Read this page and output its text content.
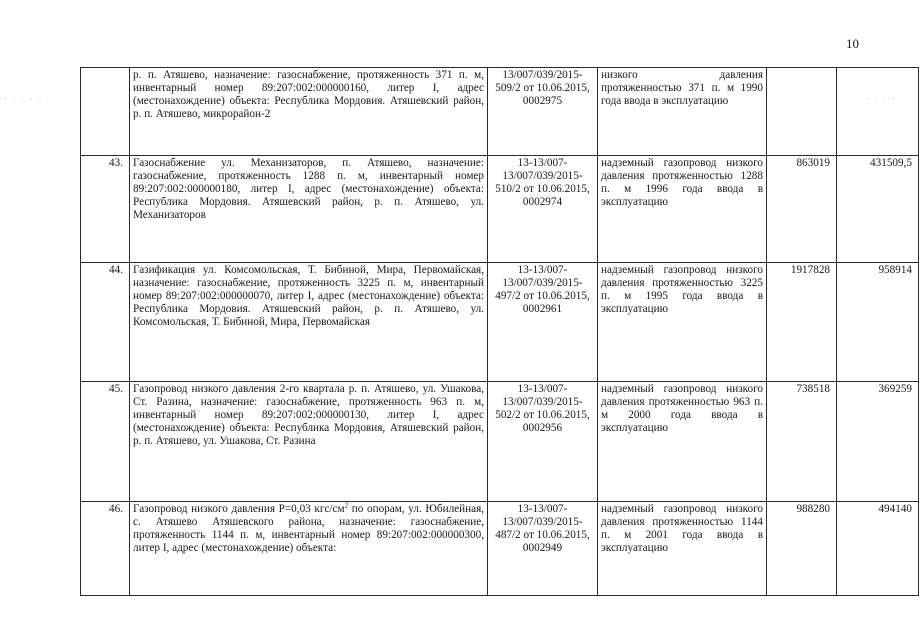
10
· · · · ·	· · · ·
	р. п. Атяшево, назначение: газоснабжение, протяженность 371 п. м, инвентарный номер 89:207:002:000000160, литер I, адрес (местонахождение) объекта: Республика Мордовия. Атяшевский район, р. п. Атяшево, микрорайон-2	13/007/039/2015-509/2 от 10.06.2015, 0002975	низкого давления протяженностью 371 п. м 1990 года ввода в эксплуатацию		
43.	Газоснабжение ул. Механизаторов, п. Атяшево, назначение: газоснабжение, протяженность 1288 п. м, инвентарный номер 89:207:002:000000180, литер I, адрес (местонахождение) объекта: Республика Мордовия. Атяшевский район, р. п. Атяшево, ул. Механизаторов	13-13/007-13/007/039/2015-510/2 от 10.06.2015, 0002974	надземный газопровод низкого давления протяженностью 1288 п. м 1996 года ввода в эксплуатацию	863019	431509,5
44.	Газификация ул. Комсомольская, Т. Бибиной, Мира, Первомайская, назначение: газоснабжение, протяженность 3225 п. м, инвентарный номер 89:207:002:000000070, литер I, адрес (местонахождение) объекта: Республика Мордовия. Атяшевский район, р. п. Атяшево, ул. Комсомольская, Т. Бибиной, Мира, Первомайская	13-13/007-13/007/039/2015-497/2 от 10.06.2015, 0002961	надземный газопровод низкого давления протяженностью 3225 п. м 1995 года ввода в эксплуатацию	1917828	958914
45.	Газопровод низкого давления 2-го квартала р. п. Атяшево, ул. Ушакова, Ст. Разина, назначение: газоснабжение, протяженность 963 п. м, инвентарный номер 89:207:002:000000130, литер I, адрес (местонахождение) объекта: Республика Мордовия, Атяшевский район, р. п. Атяшево, ул. Ушакова, Ст. Разина	13-13/007-13/007/039/2015-502/2 от 10.06.2015, 0002956	надземный газопровод низкого давления протяженностью 963 п. м 2000 года ввода в эксплуатацию	738518	369259
46.	Газопровод низкого давления Р=0,03 кгс/$см^2$ по опорам, ул. Юбилейная, с. Атяшево Атяшевского района, назначение: газоснабжение, протяженность 1144 п. м, инвентарный номер 89:207:002:000000300, литер I, адрес (местонахождение) объекта:	13-13/007-13/007/039/2015-487/2 от 10.06.2015, 0002949	надземный газопровод низкого давления протяженностью 1144 п. м 2001 года ввода в эксплуатацию	988280	494140
